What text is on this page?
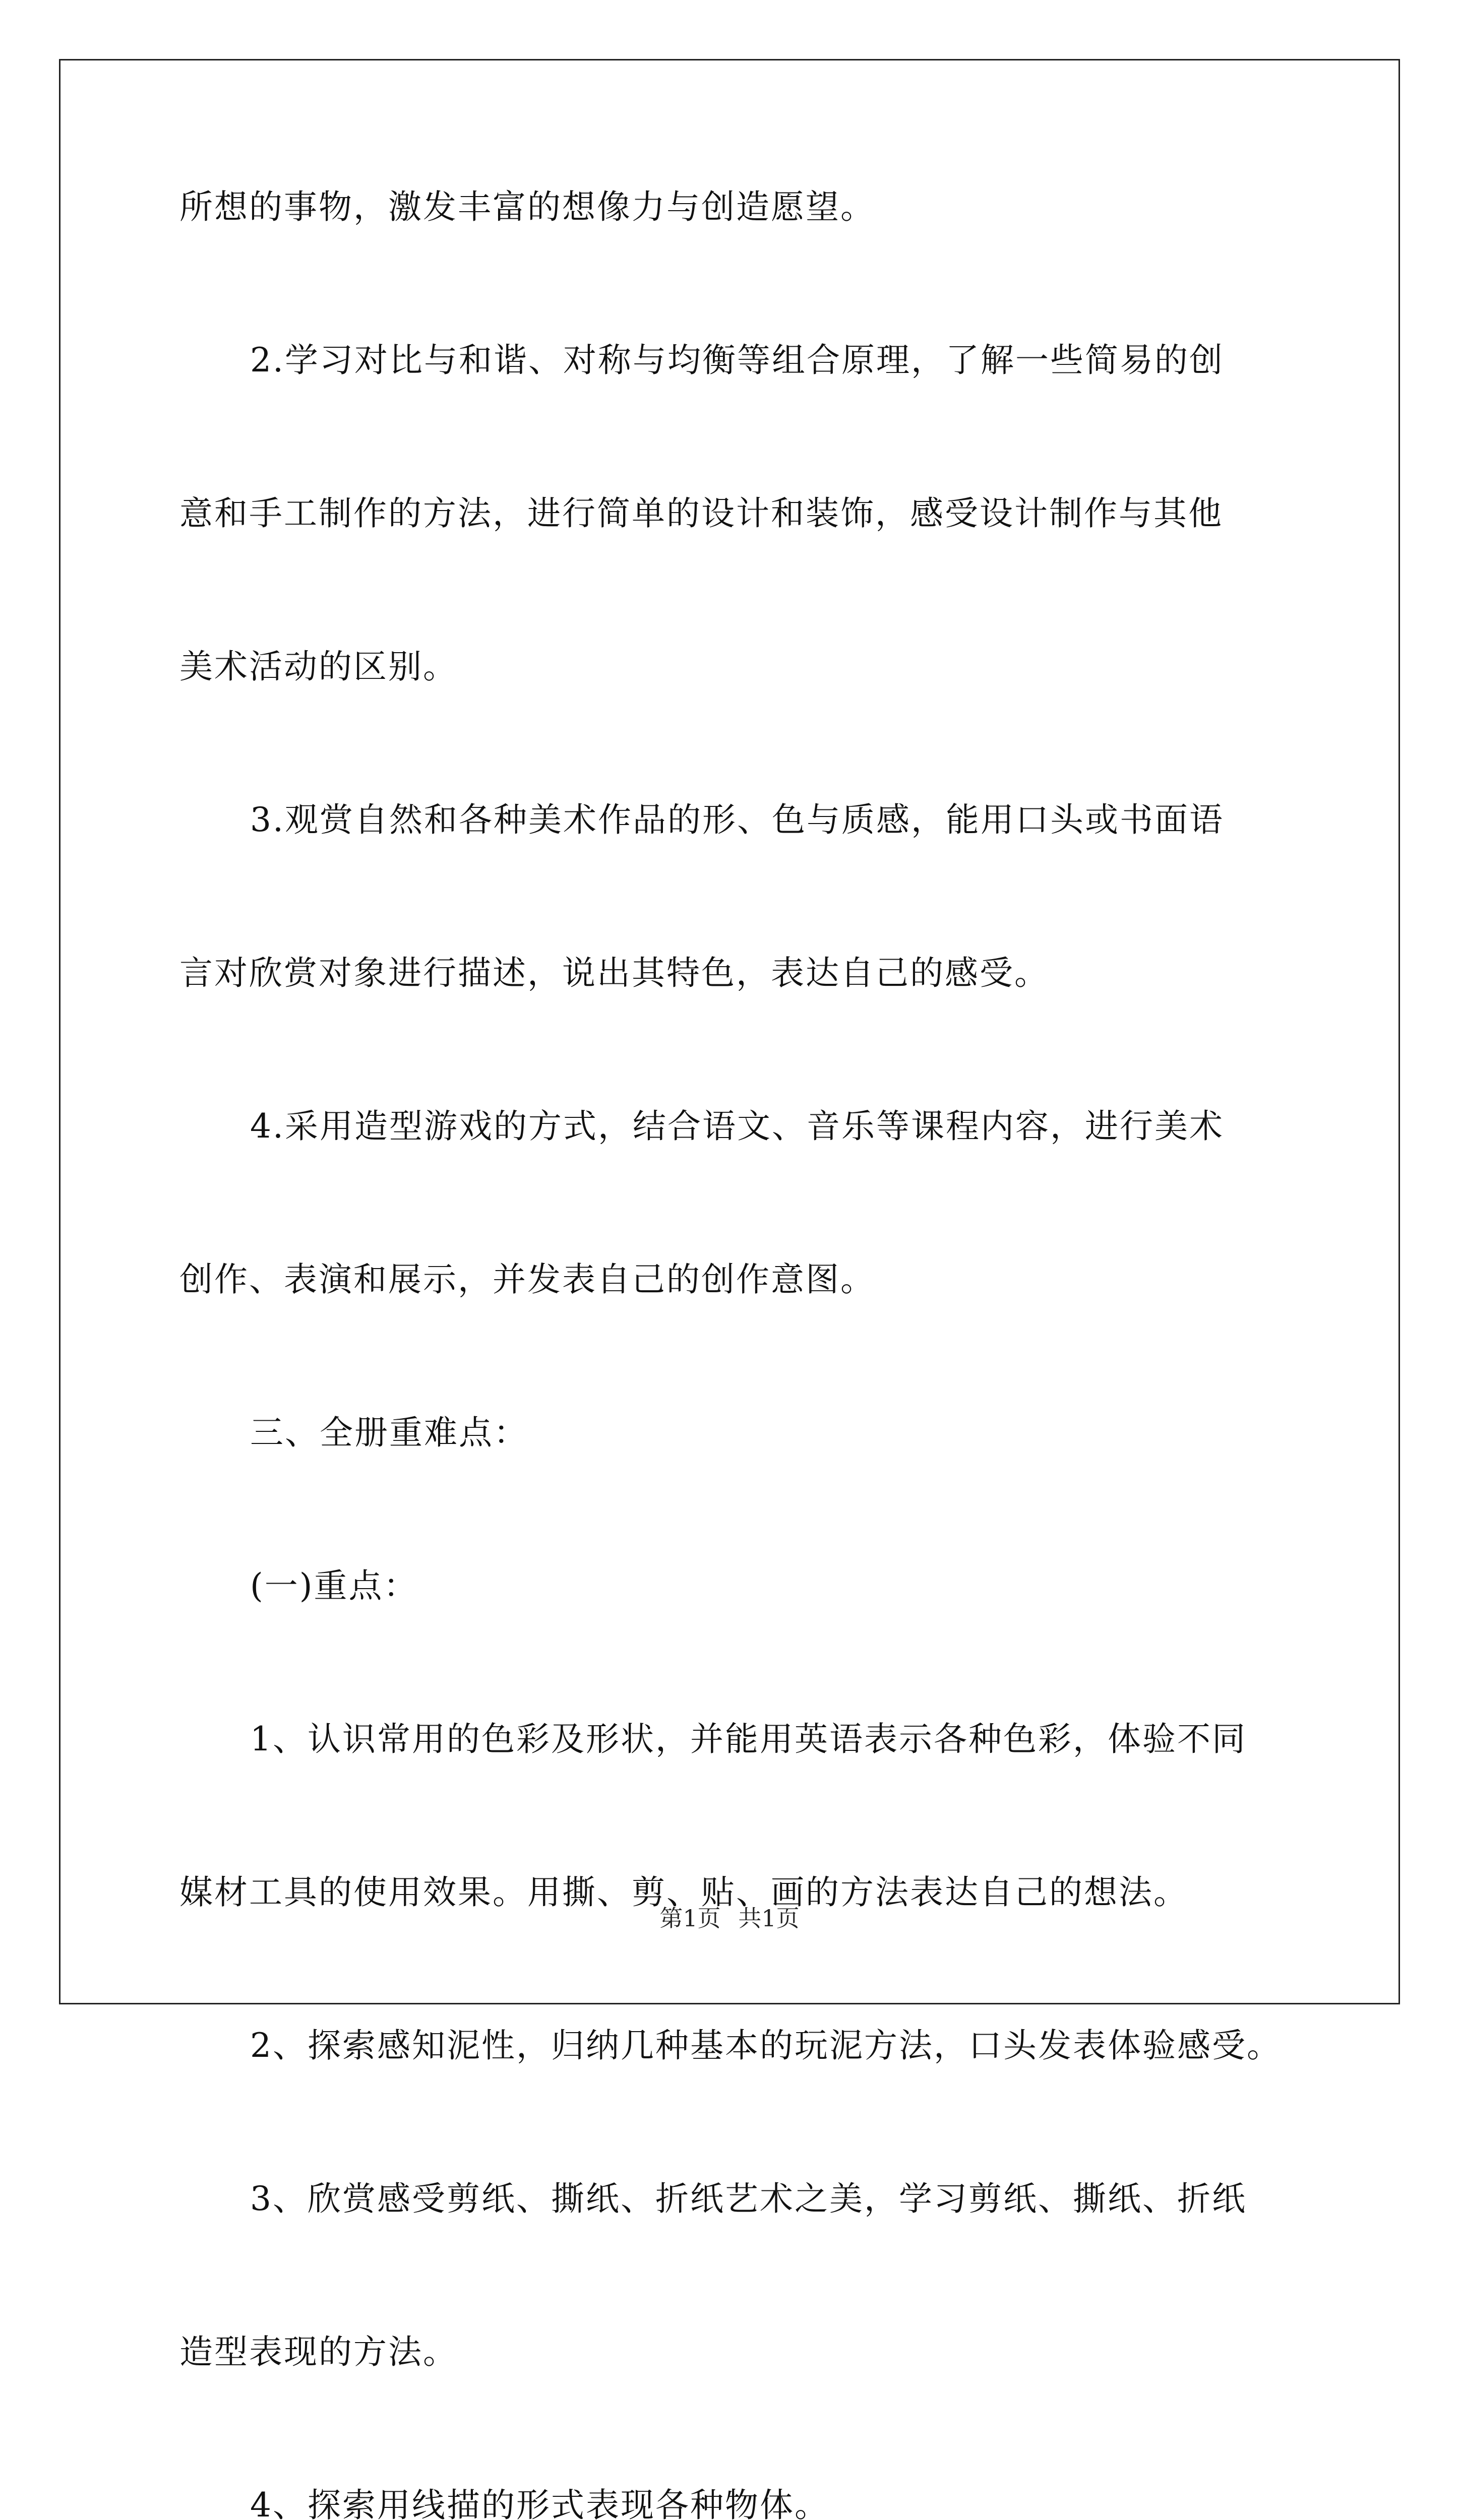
所想的事物，激发丰富的想像力与创造愿望。
2.学习对比与和谐、对称与均衡等组合原理，了解一些简易的创
意和手工制作的方法，进行简单的设计和装饰，感受设计制作与其他
美术活动的区别。
3.观赏自然和各种美术作品的形、色与质感，能用口头或书面语
言对欣赏对象进行描述，说出其特色，表达自己的感受。
4.采用造型游戏的方式，结合语文、音乐等课程内容，进行美术
创作、表演和展示，并发表自己的创作意图。
三、全册重难点：
(一)重点：
1、认识常用的色彩及形状，并能用英语表示各种色彩，体验不同
媒材工具的使用效果。用撕、剪、贴、画的方法表达自己的想法。
2、探索感知泥性，归纳几种基本的玩泥方法，口头发表体验感受。
3、欣赏感受剪纸、撕纸、折纸艺术之美，学习剪纸、撕纸、折纸
造型表现的方法。
4、探索用线描的形式表现各种物体。
第1页 共1页
